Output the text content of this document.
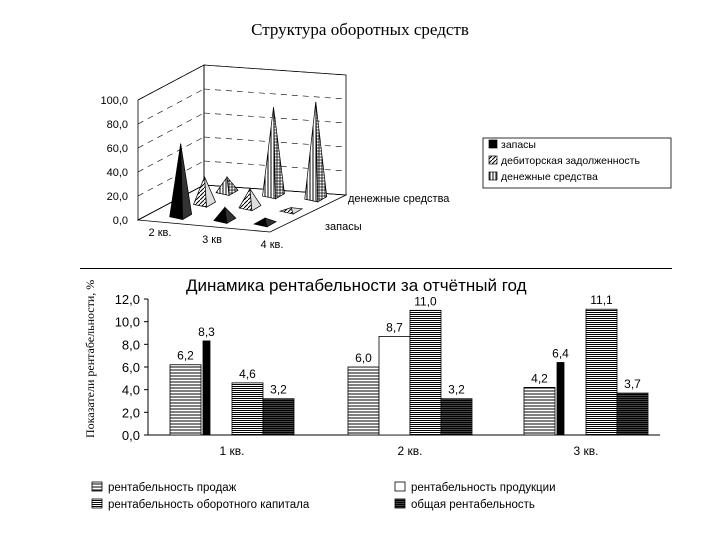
Структура оборотных средств
100,0
80,0
60,0
40,0
20,0
0,0
2 кв.
3 кв	4 кв.
денежные средства
запасы
запасы
дебиторская задолженность
денежные средства
Динамика рентабельности за отчётный год
12,0
10,0
8,0
6,0
4,0
2,0
0,0
Показатели рентабельности, %	6,2
8,3
4,6
3,2
6,0
8,7
11,0
3,2
4,2
6,4
11,1
3,7
1 кв.	2 кв.	3 кв.
рентабельность продаж	рентабельность продукции
рентабельность оборотного капитала	общая рентабельность
